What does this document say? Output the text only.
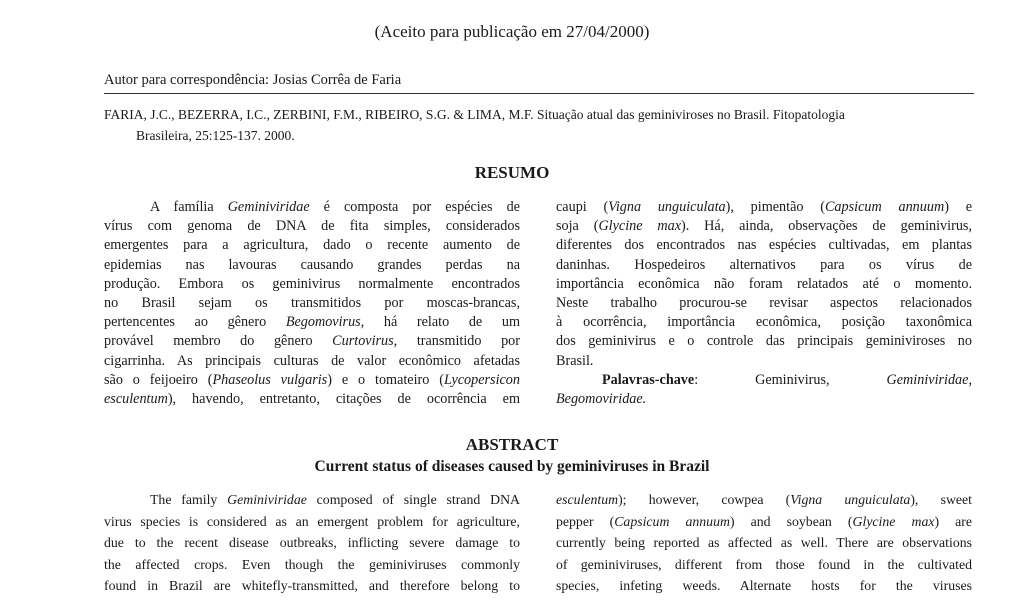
(Aceito para publicação em 27/04/2000)
Autor para correspondência: Josias Corrêa de Faria
FARIA, J.C., BEZERRA, I.C., ZERBINI, F.M., RIBEIRO, S.G. & LIMA, M.F. Situação atual das geminiviroses no Brasil. Fitopatologia
Brasileira, 25:125-137. 2000.
RESUMO
A família Geminiviridae é composta por espécies de
vírus com genoma de DNA de fita simples, considerados
emergentes para a agricultura, dado o recente aumento de
epidemias nas lavouras causando grandes perdas na
produção. Embora os geminivirus normalmente encontrados
no Brasil sejam os transmitidos por moscas-brancas,
pertencentes ao gênero Begomovirus, há relato de um
provável membro do gênero Curtovirus, transmitido por
cigarrinha. As principais culturas de valor econômico afetadas
são o feijoeiro (Phaseolus vulgaris) e o tomateiro (Lycopersicon
esculentum), havendo, entretanto, citações de ocorrência em
caupi (Vigna unguiculata), pimentão (Capsicum annuum) e
soja (Glycine max). Há, ainda, observações de geminivirus,
diferentes dos encontrados nas espécies cultivadas, em plantas
daninhas. Hospedeiros alternativos para os vírus de
importância econômica não foram relatados até o momento.
Neste trabalho procurou-se revisar aspectos relacionados
à ocorrência, importância econômica, posição taxonômica
dos geminivirus e o controle das principais geminiviroses no
Brasil.
Palavras-chave: Geminivirus, Geminiviridae,
Begomoviridae.
ABSTRACT
Current status of diseases caused by geminiviruses in Brazil
The family Geminiviridae composed of single strand DNA
virus species is considered as an emergent problem for agriculture,
due to the recent disease outbreaks, inflicting severe damage to
the affected crops. Even though the geminiviruses commonly
found in Brazil are whitefly-transmitted, and therefore belong to
esculentum); however, cowpea (Vigna unguiculata), sweet
pepper (Capsicum annuum) and soybean (Glycine max) are
currently being reported as affected as well. There are observations
of geminiviruses, different from those found in the cultivated
species, infeting weeds. Alternate hosts for the viruses
